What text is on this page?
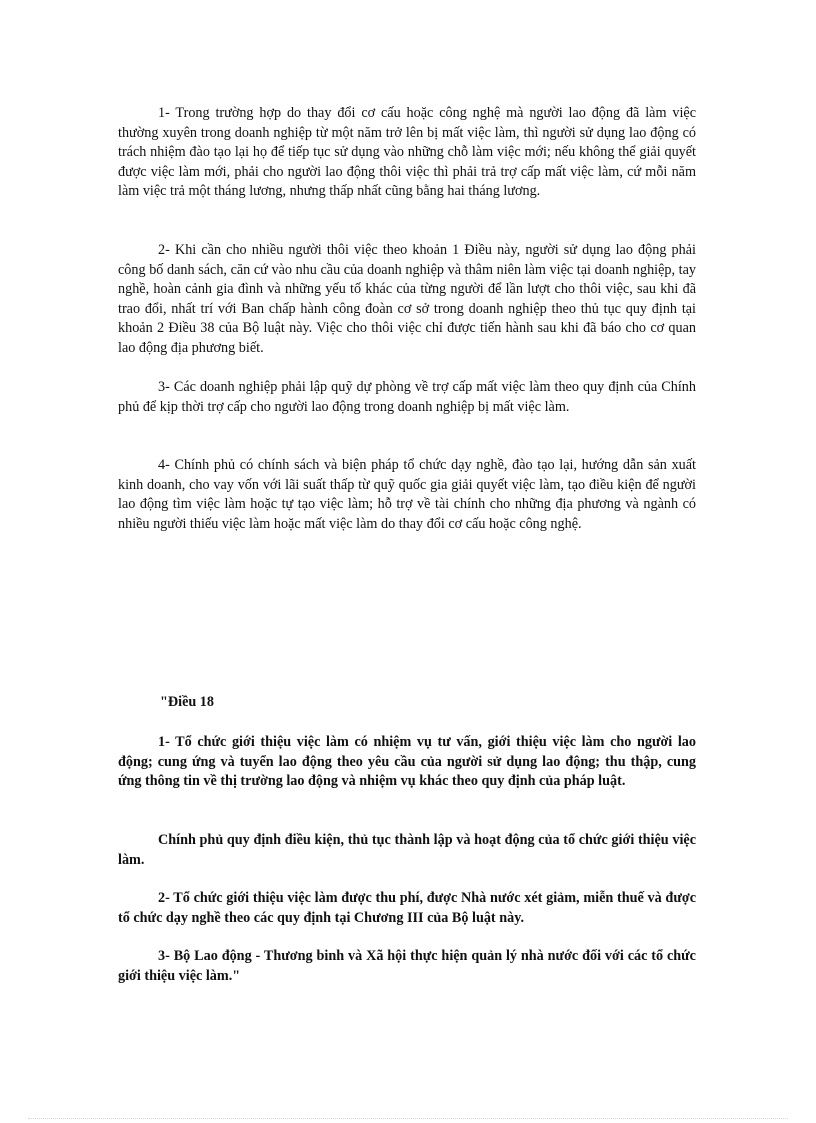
1- Trong trường hợp do thay đổi cơ cấu hoặc công nghệ mà người lao động đã làm việc thường xuyên trong doanh nghiệp từ một năm trở lên bị mất việc làm, thì người sử dụng lao động có trách nhiệm đào tạo lại họ để tiếp tục sử dụng vào những chỗ làm việc mới; nếu không thể giải quyết được việc làm mới, phải cho người lao động thôi việc thì phải trả trợ cấp mất việc làm, cứ mỗi năm làm việc trả một tháng lương, nhưng thấp nhất cũng bằng hai tháng lương.

2- Khi cần cho nhiều người thôi việc theo khoản 1 Điều này, người sử dụng lao động phải công bố danh sách, căn cứ vào nhu cầu của doanh nghiệp và thâm niên làm việc tại doanh nghiệp, tay nghề, hoàn cảnh gia đình và những yếu tố khác của từng người để lần lượt cho thôi việc, sau khi đã trao đổi, nhất trí với Ban chấp hành công đoàn cơ sở trong doanh nghiệp theo thủ tục quy định tại khoản 2 Điều 38 của Bộ luật này. Việc cho thôi việc chỉ được tiến hành sau khi đã báo cho cơ quan lao động địa phương biết.

3- Các doanh nghiệp phải lập quỹ dự phòng về trợ cấp mất việc làm theo quy định của Chính phủ để kịp thời trợ cấp cho người lao động trong doanh nghiệp bị mất việc làm.

4- Chính phủ có chính sách và biện pháp tổ chức dạy nghề, đào tạo lại, hướng dẫn sản xuất kinh doanh, cho vay vốn với lãi suất thấp từ quỹ quốc gia giải quyết việc làm, tạo điều kiện để người lao động tìm việc làm hoặc tự tạo việc làm; hỗ trợ về tài chính cho những địa phương và ngành có nhiều người thiếu việc làm hoặc mất việc làm do thay đổi cơ cấu hoặc công nghệ.

"Điều 18

1- Tổ chức giới thiệu việc làm có nhiệm vụ tư vấn, giới thiệu việc làm cho người lao động; cung ứng và tuyển lao động theo yêu cầu của người sử dụng lao động; thu thập, cung ứng thông tin về thị trường lao động và nhiệm vụ khác theo quy định của pháp luật.

Chính phủ quy định điều kiện, thủ tục thành lập và hoạt động của tổ chức giới thiệu việc làm.

2- Tổ chức giới thiệu việc làm được thu phí, được Nhà nước xét giảm, miễn thuế và được tổ chức dạy nghề theo các quy định tại Chương III của Bộ luật này.

3- Bộ Lao động - Thương binh và Xã hội thực hiện quản lý nhà nước đối với các tổ chức giới thiệu việc làm."
